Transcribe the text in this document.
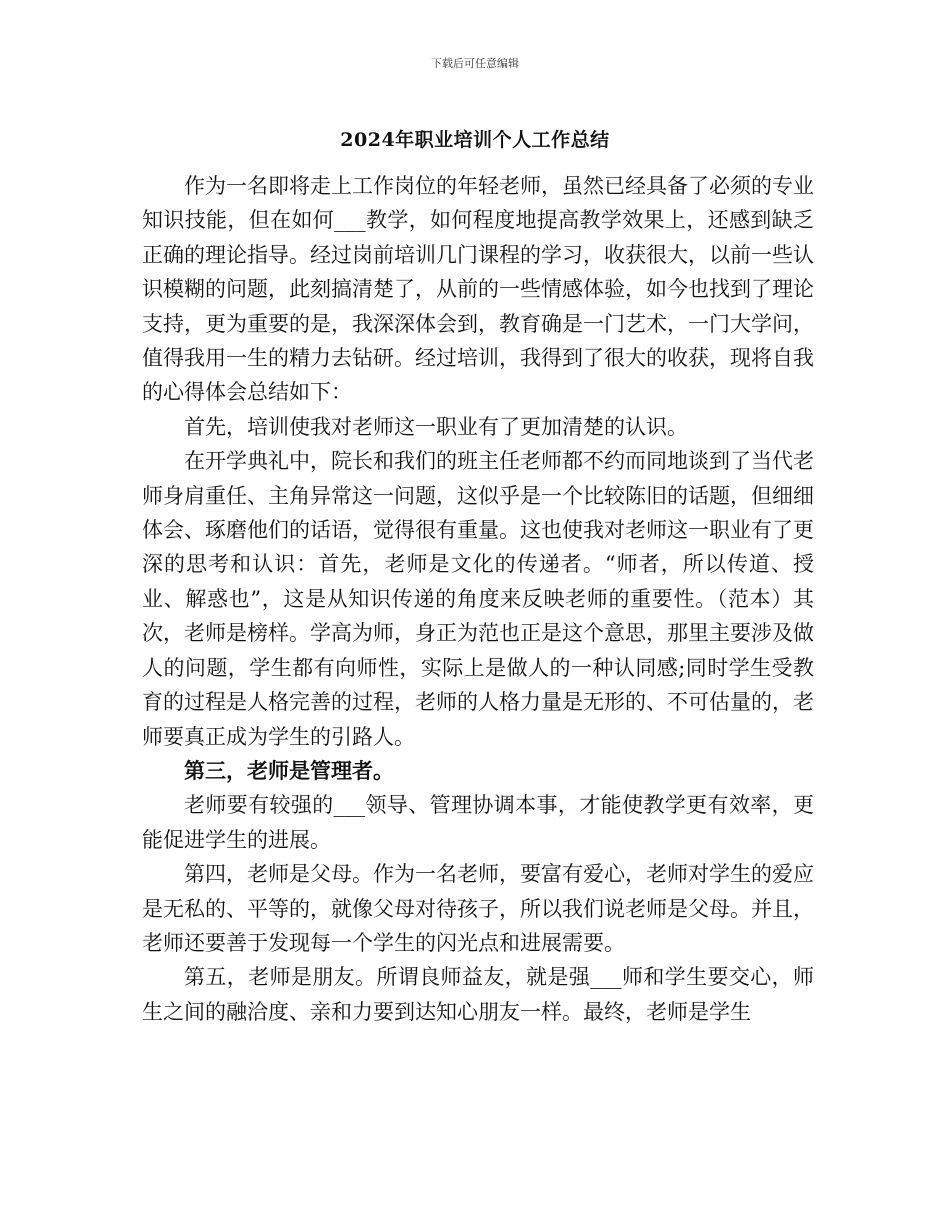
下载后可任意编辑
2024年职业培训个人工作总结

作为一名即将走上工作岗位的年轻老师，虽然已经具备了必须的专业知识技能，但在如何___教学，如何程度地提高教学效果上，还感到缺乏正确的理论指导。经过岗前培训几门课程的学习，收获很大，以前一些认识模糊的问题，此刻搞清楚了，从前的一些情感体验，如今也找到了理论支持，更为重要的是，我深深体会到，教育确是一门艺术，一门大学问，值得我用一生的精力去钻研。经过培训，我得到了很大的收获，现将自我的心得体会总结如下：

首先，培训使我对老师这一职业有了更加清楚的认识。

在开学典礼中，院长和我们的班主任老师都不约而同地谈到了当代老师身肩重任、主角异常这一问题，这似乎是一个比较陈旧的话题，但细细体会、琢磨他们的话语，觉得很有重量。这也使我对老师这一职业有了更深的思考和认识：首先，老师是文化的传递者。“师者，所以传道、授业、解惑也”，这是从知识传递的角度来反映老师的重要性。（范本）其次，老师是榜样。学高为师，身正为范也正是这个意思，那里主要涉及做人的问题，学生都有向师性，实际上是做人的一种认同感;同时学生受教育的过程是人格完善的过程，老师的人格力量是无形的、不可估量的，老师要真正成为学生的引路人。

第三，老师是管理者。

老师要有较强的___领导、管理协调本事，才能使教学更有效率，更能促进学生的进展。

第四，老师是父母。作为一名老师，要富有爱心，老师对学生的爱应是无私的、平等的，就像父母对待孩子，所以我们说老师是父母。并且，老师还要善于发现每一个学生的闪光点和进展需要。

第五，老师是朋友。所谓良师益友，就是强___师和学生要交心，师生之间的融洽度、亲和力要到达知心朋友一样。最终，老师是学生
